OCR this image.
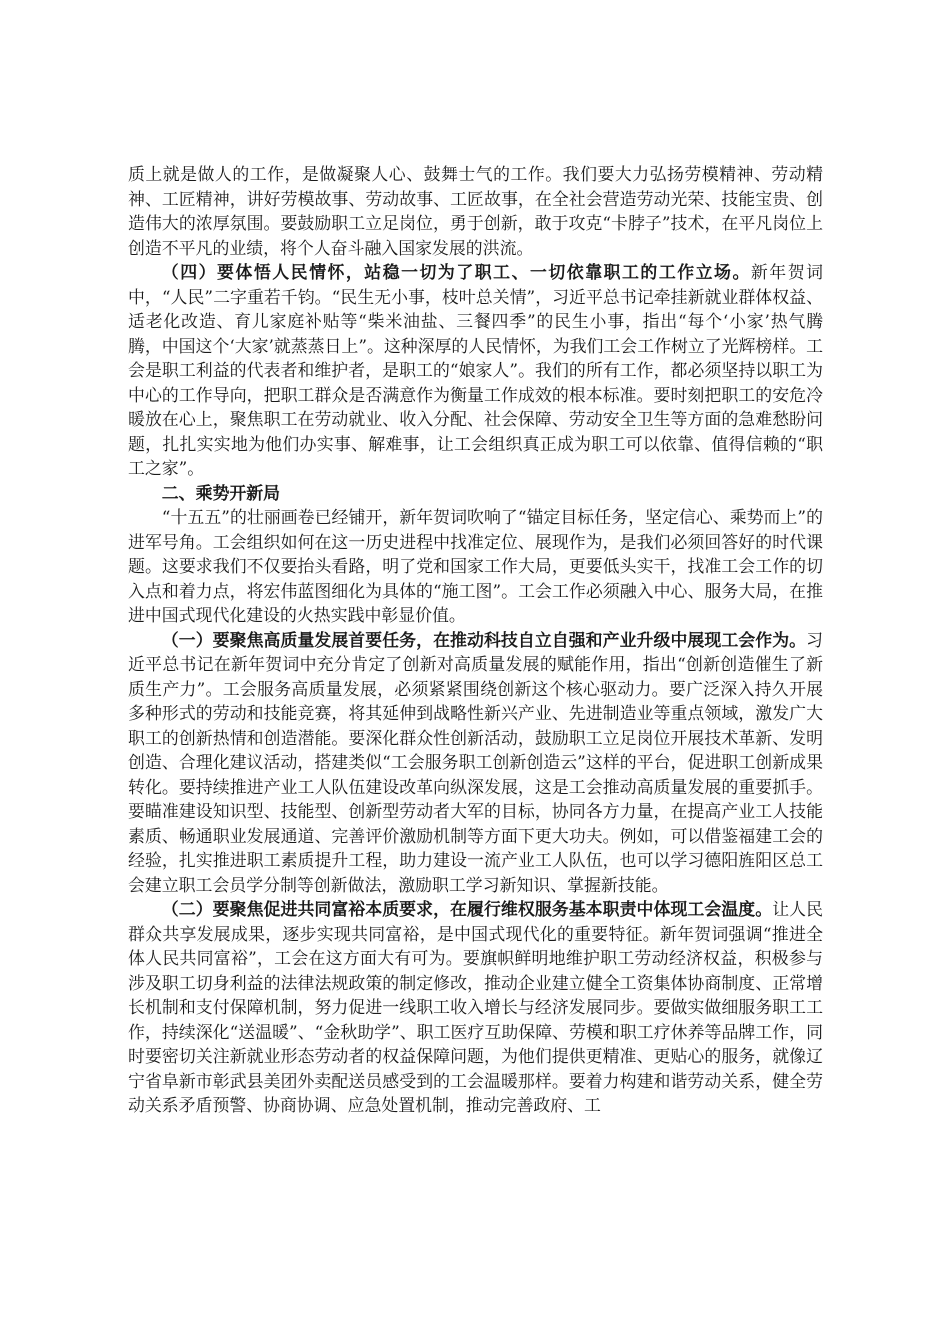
质上就是做人的工作，是做凝聚人心、鼓舞士气的工作。我们要大力弘扬劳模精神、劳动精神、工匠精神，讲好劳模故事、劳动故事、工匠故事，在全社会营造劳动光荣、技能宝贵、创造伟大的浓厚氛围。要鼓励职工立足岗位，勇于创新，敢于攻克“卡脖子”技术，在平凡岗位上创造不平凡的业绩，将个人奋斗融入国家发展的洪流。

（四）要体悟人民情怀，站稳一切为了职工、一切依靠职工的工作立场。新年贺词中，“人民”二字重若千钧。“民生无小事，枝叶总关情”，习近平总书记牵挂新就业群体权益、适老化改造、育儿家庭补贴等“柴米油盐、三餐四季”的民生小事，指出“每个‘小家’热气腾腾，中国这个‘大家’就蒸蒸日上”。这种深厚的人民情怀，为我们工会工作树立了光辉榜样。工会是职工利益的代表者和维护者，是职工的“娘家人”。我们的所有工作，都必须坚持以职工为中心的工作导向，把职工群众是否满意作为衡量工作成效的根本标准。要时刻把职工的安危冷暖放在心上，聚焦职工在劳动就业、收入分配、社会保障、劳动安全卫生等方面的急难愁盼问题，扎扎实实地为他们办实事、解难事，让工会组织真正成为职工可以依靠、值得信赖的“职工之家”。

二、乘势开新局

“十五五”的壮丽画卷已经铺开，新年贺词吹响了“锚定目标任务，坚定信心、乘势而上”的进军号角。工会组织如何在这一历史进程中找准定位、展现作为，是我们必须回答好的时代课题。这要求我们不仅要抬头看路，明了党和国家工作大局，更要低头实干，找准工会工作的切入点和着力点，将宏伟蓝图细化为具体的“施工图”。工会工作必须融入中心、服务大局，在推进中国式现代化建设的火热实践中彰显价值。

（一）要聚焦高质量发展首要任务，在推动科技自立自强和产业升级中展现工会作为。习近平总书记在新年贺词中充分肯定了创新对高质量发展的赋能作用，指出“创新创造催生了新质生产力”。工会服务高质量发展，必须紧紧围绕创新这个核心驱动力。要广泛深入持久开展多种形式的劳动和技能竞赛，将其延伸到战略性新兴产业、先进制造业等重点领域，激发广大职工的创新热情和创造潜能。要深化群众性创新活动，鼓励职工立足岗位开展技术革新、发明创造、合理化建议活动，搭建类似“工会服务职工创新创造云”这样的平台，促进职工创新成果转化。要持续推进产业工人队伍建设改革向纵深发展，这是工会推动高质量发展的重要抓手。要瞄准建设知识型、技能型、创新型劳动者大军的目标，协同各方力量，在提高产业工人技能素质、畅通职业发展通道、完善评价激励机制等方面下更大功夫。例如，可以借鉴福建工会的经验，扎实推进职工素质提升工程，助力建设一流产业工人队伍，也可以学习德阳旌阳区总工会建立职工会员学分制等创新做法，激励职工学习新知识、掌握新技能。

（二）要聚焦促进共同富裕本质要求，在履行维权服务基本职责中体现工会温度。让人民群众共享发展成果，逐步实现共同富裕，是中国式现代化的重要特征。新年贺词强调“推进全体人民共同富裕”，工会在这方面大有可为。要旗帜鲜明地维护职工劳动经济权益，积极参与涉及职工切身利益的法律法规政策的制定修改，推动企业建立健全工资集体协商制度、正常增长机制和支付保障机制，努力促进一线职工收入增长与经济发展同步。要做实做细服务职工工作，持续深化“送温暖”、“金秋助学”、职工医疗互助保障、劳模和职工疗休养等品牌工作，同时要密切关注新就业形态劳动者的权益保障问题，为他们提供更精准、更贴心的服务，就像辽宁省阜新市彰武县美团外卖配送员感受到的工会温暖那样。要着力构建和谐劳动关系，健全劳动关系矛盾预警、协商协调、应急处置机制，推动完善政府、工
